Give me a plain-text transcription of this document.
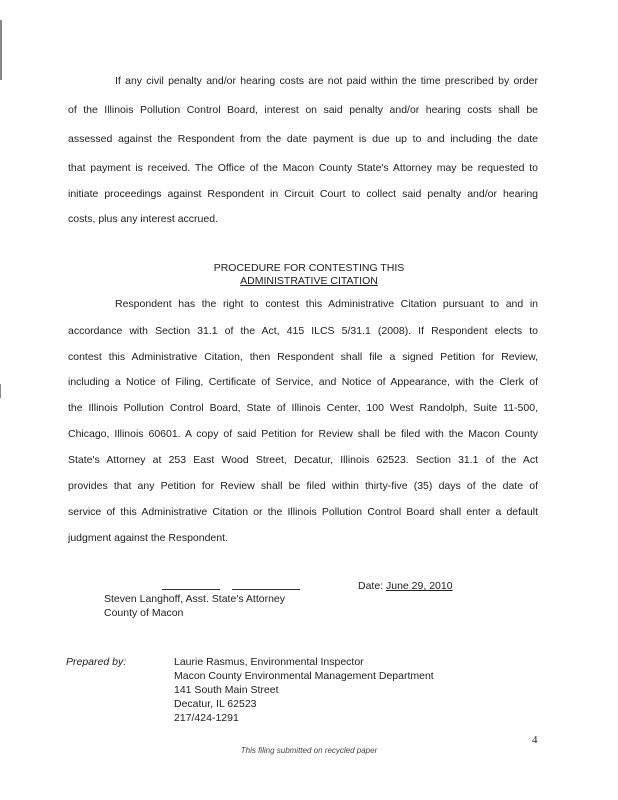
If any civil penalty and/or hearing costs are not paid within the time prescribed by order
of the Illinois Pollution Control Board, interest on said penalty and/or hearing costs shall be
assessed against the Respondent from the date payment is due up to and including the date
that payment is received. The Office of the Macon County State's Attorney may be requested to
initiate proceedings against Respondent in Circuit Court to collect said penalty and/or hearing
costs, plus any interest accrued.
PROCEDURE FOR CONTESTING THIS
ADMINISTRATIVE CITATION
Respondent has the right to contest this Administrative Citation pursuant to and in
accordance with Section 31.1 of the Act, 415 ILCS 5/31.1 (2008). If Respondent elects to
contest this Administrative Citation, then Respondent shall file a signed Petition for Review,
including a Notice of Filing, Certificate of Service, and Notice of Appearance, with the Clerk of
the Illinois Pollution Control Board, State of Illinois Center, 100 West Randolph, Suite 11-500,
Chicago, Illinois 60601. A copy of said Petition for Review shall be filed with the Macon County
State's Attorney at 253 East Wood Street, Decatur, Illinois 62523. Section 31.1 of the Act
provides that any Petition for Review shall be filed within thirty-five (35) days of the date of
service of this Administrative Citation or the Illinois Pollution Control Board shall enter a default
judgment against the Respondent.
Date: June 29, 2010
Steven Langhoff, Asst. State's Attorney
County of Macon
Prepared by:	Laurie Rasmus, Environmental Inspector
Macon County Environmental Management Department
141 South Main Street
Decatur, IL 62523
217/424-1291
4
This filing submitted on recycled paper
